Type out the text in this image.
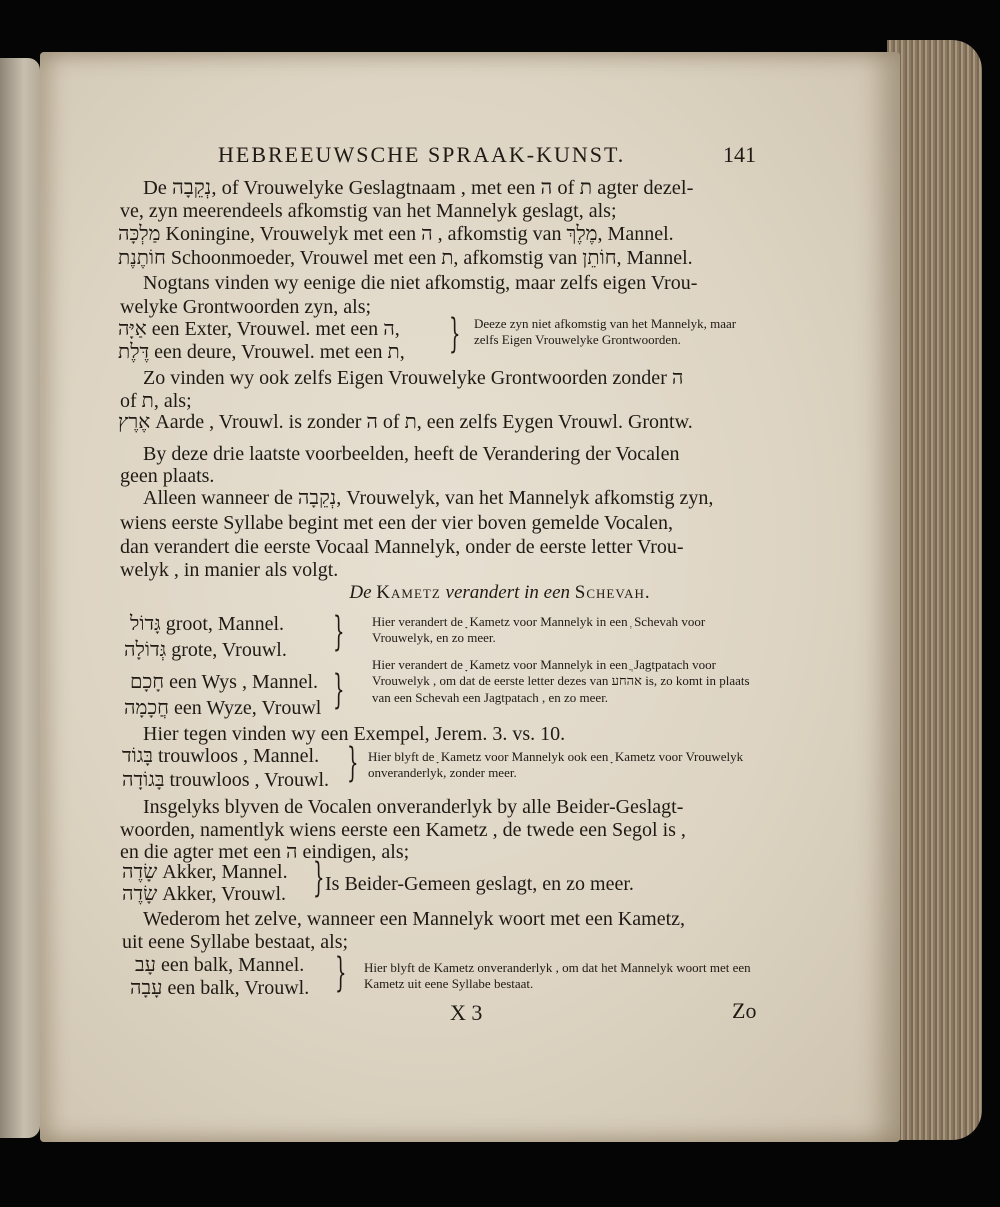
HEBREEUWSCHE SPRAAK-KUNST.	141
De נְקֵבָה, of Vrouwelyke Geslagtnaam , met een ה of ת agter dezel-
ve, zyn meerendeels afkomstig van het Mannelyk geslagt, als;
מַלְכָּה Koningine, Vrouwelyk met een ה , afkomstig van מֶלֶךְ, Mannel.
חוֹתֶנֶת Schoonmoeder, Vrouwel met een ת, afkomstig van חוֹתֵן, Mannel.
Nogtans vinden wy eenige die niet afkomstig, maar zelfs eigen Vrou-
welyke Grontwoorden zyn, als;
אַיָּה een Exter, Vrouwel. met een ה,
דֶּלֶת een deure, Vrouwel. met een ת, } Deeze zyn niet afkomstig van het Mannelyk, maar zelfs Eigen Vrouwelyke Grontwoorden.
Zo vinden wy ook zelfs Eigen Vrouwelyke Grontwoorden zonder ה
of ת, als;
אֶרֶץ Aarde , Vrouwl. is zonder ה of ת, een zelfs Eygen Vrouwl. Grontw.
By deze drie laatste voorbeelden, heeft de Verandering der Vocalen
geen plaats.
Alleen wanneer de נְקֵבָה, Vrouwelyk, van het Mannelyk afkomstig zyn,
wiens eerste Syllabe begint met een der vier boven gemelde Vocalen,
dan verandert die eerste Vocaal Mannelyk, onder de eerste letter Vrou-
welyk , in manier als volgt.
De Kametz verandert in een Schevah.
גָּדוֹל groot, Mannel.
גְּדוֹלָה grote, Vrouwl. } Hier verandert de ָ Kametz voor Mannelyk in een ְ Schevah voor Vrouwelyk, en zo meer.
חָכָם een Wys , Mannel.
חֲכָמָה een Wyze, Vrouwl }
Hier verandert de ָ Kametz voor Mannelyk in een ֲ Jagtpatach voor Vrouwelyk , om dat de eerste letter dezes van אהחע is, zo komt in plaats van een Schevah een Jagtpatach , en zo meer.
Hier tegen vinden wy een Exempel, Jerem. 3. vs. 10.
בָּגוֹד trouwloos , Mannel.
בָּגוֹדָה trouwloos , Vrouwl. } Hier blyft de ָ Kametz voor Mannelyk ook een ָ Kametz voor Vrouwelyk onveranderlyk, zonder meer.
Insgelyks blyven de Vocalen onveranderlyk by alle Beider-Geslagt-
woorden, namentlyk wiens eerste een Kametz , de twede een Segol is ,
en die agter met een ה eindigen, als;
שָׂדֶה Akker, Mannel.
שָׂדֶה Akker, Vrouwl. } Is Beider-Gemeen geslagt, en zo meer.
Wederom het zelve, wanneer een Mannelyk woort met een Kametz,
uit eene Syllabe bestaat, als;
עָב een balk, Mannel.
עָבָה een balk, Vrouwl. } Hier blyft de Kametz onveranderlyk , om dat het Mannelyk woort met een Kametz uit eene Syllabe bestaat.
X 3	Zo
